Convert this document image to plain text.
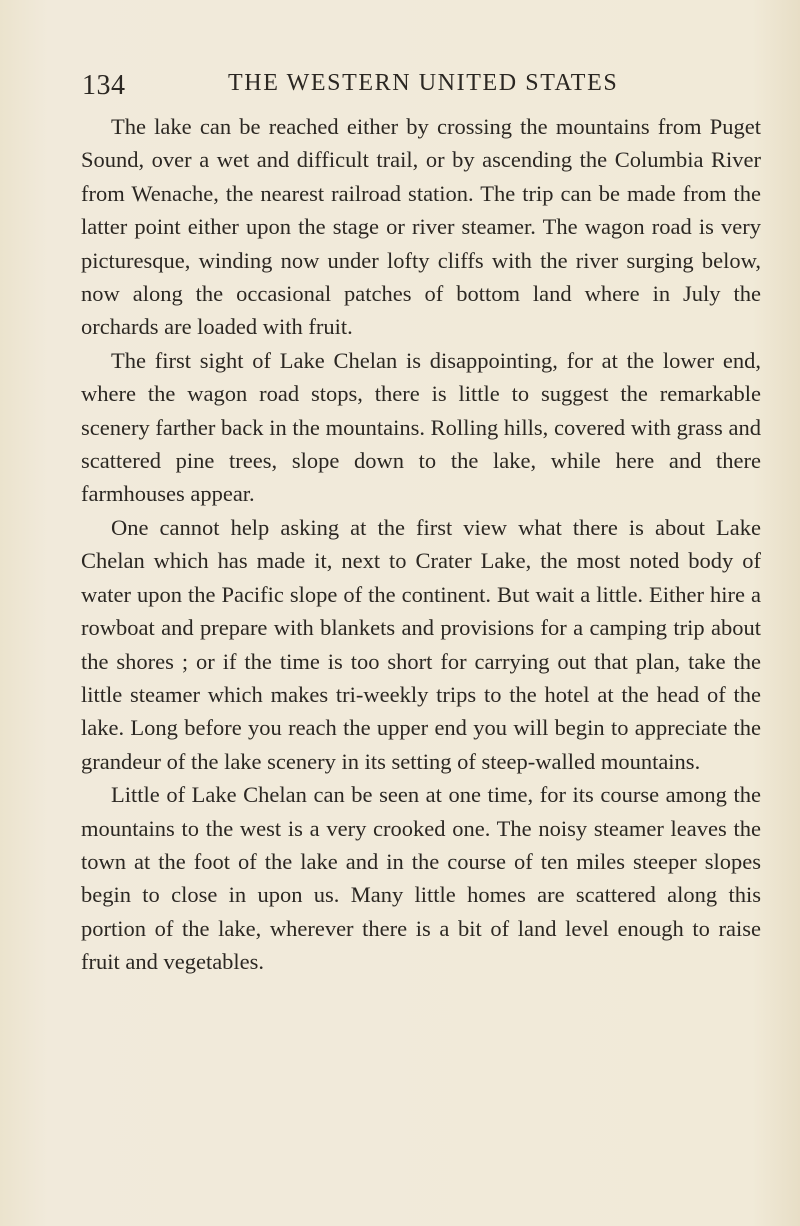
134	THE WESTERN UNITED STATES

The lake can be reached either by crossing the mountains from Puget Sound, over a wet and difficult trail, or by ascending the Columbia River from Wenache, the nearest railroad station. The trip can be made from the latter point either upon the stage or river steamer. The wagon road is very picturesque, winding now under lofty cliffs with the river surging below, now along the occasional patches of bottom land where in July the orchards are loaded with fruit.

The first sight of Lake Chelan is disappointing, for at the lower end, where the wagon road stops, there is little to suggest the remarkable scenery farther back in the mountains. Rolling hills, covered with grass and scattered pine trees, slope down to the lake, while here and there farmhouses appear.

One cannot help asking at the first view what there is about Lake Chelan which has made it, next to Crater Lake, the most noted body of water upon the Pacific slope of the continent. But wait a little. Either hire a rowboat and prepare with blankets and provisions for a camping trip about the shores ; or if the time is too short for carrying out that plan, take the little steamer which makes tri-weekly trips to the hotel at the head of the lake. Long before you reach the upper end you will begin to appreciate the grandeur of the lake scenery in its setting of steep-walled mountains.

Little of Lake Chelan can be seen at one time, for its course among the mountains to the west is a very crooked one. The noisy steamer leaves the town at the foot of the lake and in the course of ten miles steeper slopes begin to close in upon us. Many little homes are scattered along this portion of the lake, wherever there is a bit of land level enough to raise fruit and vegetables.
